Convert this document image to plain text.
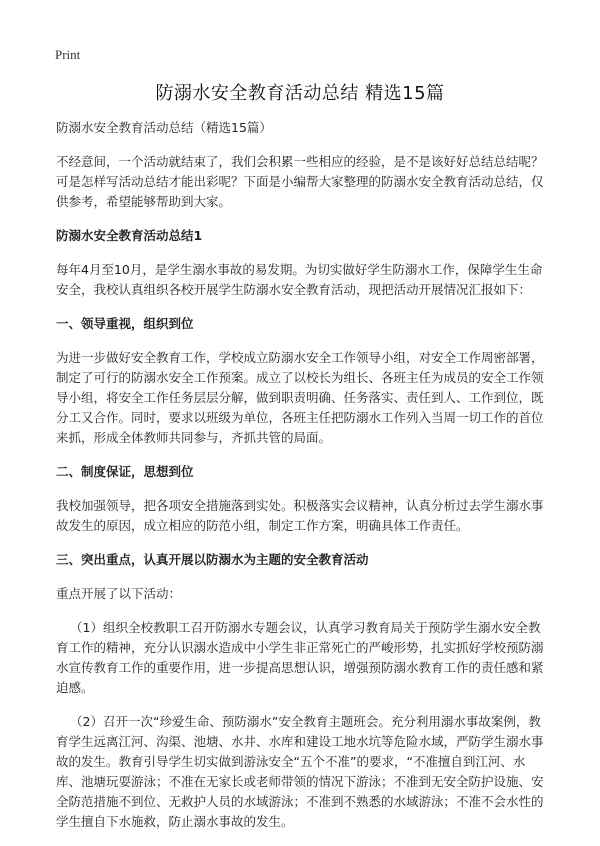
Print
防溺水安全教育活动总结 精选15篇

防溺水安全教育活动总结（精选15篇）

不经意间，一个活动就结束了，我们会积累一些相应的经验，是不是该好好总结总结呢？可是怎样写活动总结才能出彩呢？下面是小编帮大家整理的防溺水安全教育活动总结，仅供参考，希望能够帮助到大家。

防溺水安全教育活动总结1

每年4月至10月，是学生溺水事故的易发期。为切实做好学生防溺水工作，保障学生生命安全，我校认真组织各校开展学生防溺水安全教育活动，现把活动开展情况汇报如下：

一、领导重视，组织到位

为进一步做好安全教育工作，学校成立防溺水安全工作领导小组，对安全工作周密部署，制定了可行的防溺水安全工作预案。成立了以校长为组长、各班主任为成员的安全工作领导小组，将安全工作任务层层分解，做到职责明确、任务落实、责任到人、工作到位，既分工又合作。同时，要求以班级为单位，各班主任把防溺水工作列入当周一切工作的首位来抓，形成全体教师共同参与，齐抓共管的局面。

二、制度保证，思想到位

我校加强领导，把各项安全措施落到实处。积极落实会议精神，认真分析过去学生溺水事故发生的原因，成立相应的防范小组，制定工作方案，明确具体工作责任。

三、突出重点，认真开展以防溺水为主题的安全教育活动

重点开展了以下活动：

（1）组织全校教职工召开防溺水专题会议，认真学习教育局关于预防学生溺水安全教育工作的精神，充分认识溺水造成中小学生非正常死亡的严峻形势，扎实抓好学校预防溺水宣传教育工作的重要作用，进一步提高思想认识，增强预防溺水教育工作的责任感和紧迫感。

（2）召开一次“珍爱生命、预防溺水”安全教育主题班会。充分利用溺水事故案例，教育学生远离江河、沟渠、池塘、水井、水库和建设工地水坑等危险水域，严防学生溺水事故的发生。教育引导学生切实做到游泳安全“五个不准”的要求，“不准擅自到江河、水库、池塘玩耍游泳；不准在无家长或老师带领的情况下游泳；不准到无安全防护设施、安全防范措施不到位、无救护人员的水域游泳；不准到不熟悉的水域游泳；不准不会水性的学生擅自下水施救，防止溺水事故的发生。
